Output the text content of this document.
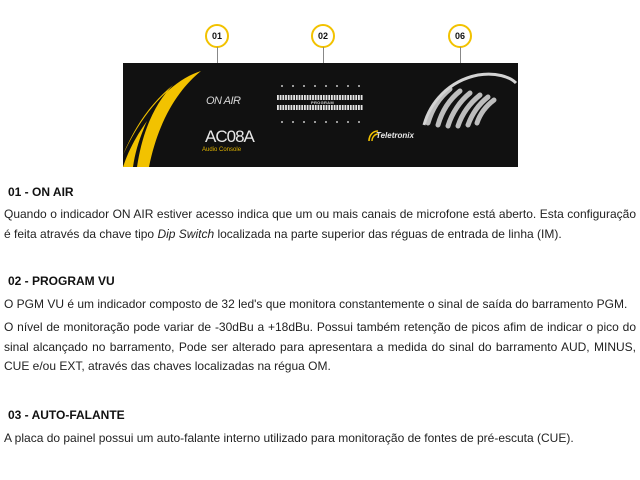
01	02	06
ON AIR	PROGRAM
AC08A
Audio Console
Teletronix
01 - ON AIR
Quando o indicador ON AIR estiver acesso indica que um ou mais canais de microfone está aberto. Esta configuração é feita através da chave tipo Dip Switch localizada na parte superior das réguas de entrada de linha (IM).
02 - PROGRAM VU
O PGM VU é um indicador composto de 32 led's que monitora constantemente o sinal de saída do barramento PGM.
O nível de monitoração pode variar de -30dBu a +18dBu. Possui também retenção de picos afim de indicar o pico do sinal alcançado no barramento, Pode ser alterado para apresentara a medida do sinal do barramento AUD, MINUS, CUE e/ou EXT, através das chaves localizadas na régua OM.
03 - AUTO-FALANTE
A placa do painel possui um auto-falante interno utilizado para monitoração de fontes de pré-escuta (CUE).
